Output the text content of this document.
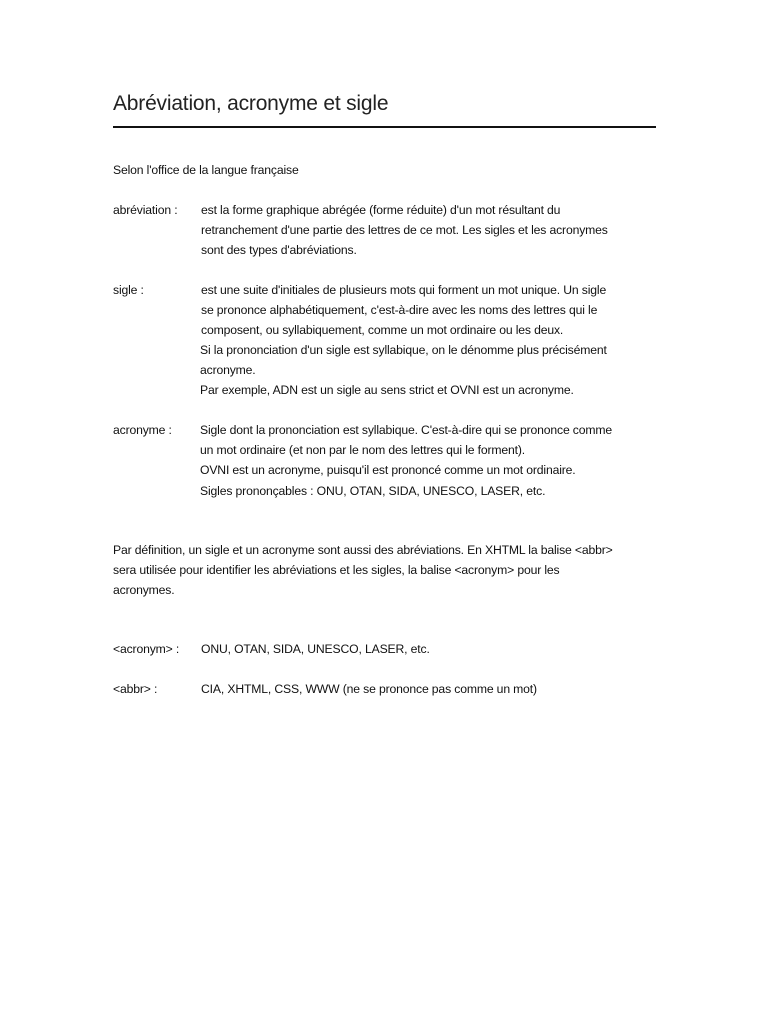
Abréviation, acronyme et sigle
Selon l'office de la langue française
abréviation : est la forme graphique abrégée (forme réduite) d'un mot résultant du
retranchement d'une partie des lettres de ce mot. Les sigles et les acronymes
sont des types d'abréviations.
sigle :	est une suite d'initiales de plusieurs mots qui forment un mot unique. Un sigle
se prononce alphabétiquement, c'est-à-dire avec les noms des lettres qui le
composent, ou syllabiquement, comme un mot ordinaire ou les deux.
Si la prononciation d'un sigle est syllabique, on le dénomme plus précisément
acronyme.
Par exemple, ADN est un sigle au sens strict et OVNI est un acronyme.
acronyme : Sigle dont la prononciation est syllabique. C'est-à-dire qui se prononce comme
un mot ordinaire (et non par le nom des lettres qui le forment).
OVNI est un acronyme, puisqu'il est prononcé comme un mot ordinaire.
Sigles prononçables : ONU, OTAN, SIDA, UNESCO, LASER, etc.
Par définition, un sigle et un acronyme sont aussi des abréviations. En XHTML la balise <abbr>
sera utilisée pour identifier les abréviations et les sigles, la balise <acronym> pour les
acronymes.
<acronym> : ONU, OTAN, SIDA, UNESCO, LASER, etc.
<abbr> :	CIA, XHTML, CSS, WWW (ne se prononce pas comme un mot)
